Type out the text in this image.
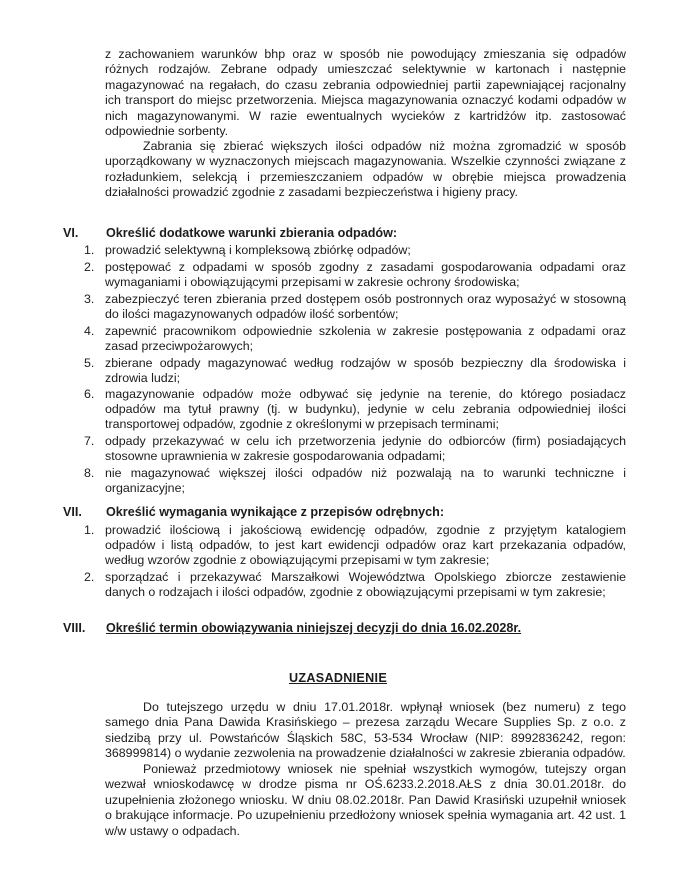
z zachowaniem warunków bhp oraz w sposób nie powodujący zmieszania się odpadów różnych rodzajów. Zebrane odpady umieszczać selektywnie w kartonach i następnie magazynować na regałach, do czasu zebrania odpowiedniej partii zapewniającej racjonalny ich transport do miejsc przetworzenia. Miejsca magazynowania oznaczyć kodami odpadów w nich magazynowanymi. W razie ewentualnych wycieków z kartridżów itp. zastosować odpowiednie sorbenty.

Zabrania się zbierać większych ilości odpadów niż można zgromadzić w sposób uporządkowany w wyznaczonych miejscach magazynowania. Wszelkie czynności związane z rozładunkiem, selekcją i przemieszczaniem odpadów w obrębie miejsca prowadzenia działalności prowadzić zgodnie z zasadami bezpieczeństwa i higieny pracy.

VI. Określić dodatkowe warunki zbierania odpadów:
1. prowadzić selektywną i kompleksową zbiórkę odpadów;
2. postępować z odpadami w sposób zgodny z zasadami gospodarowania odpadami oraz wymaganiami i obowiązującymi przepisami w zakresie ochrony środowiska;
3. zabezpieczyć teren zbierania przed dostępem osób postronnych oraz wyposażyć w stosowną do ilości magazynowanych odpadów ilość sorbentów;
4. zapewnić pracownikom odpowiednie szkolenia w zakresie postępowania z odpadami oraz zasad przeciwpożarowych;
5. zbierane odpady magazynować według rodzajów w sposób bezpieczny dla środowiska i zdrowia ludzi;
6. magazynowanie odpadów może odbywać się jedynie na terenie, do którego posiadacz odpadów ma tytuł prawny (tj. w budynku), jedynie w celu zebrania odpowiedniej ilości transportowej odpadów, zgodnie z określonymi w przepisach terminami;
7. odpady przekazywać w celu ich przetworzenia jedynie do odbiorców (firm) posiadających stosowne uprawnienia w zakresie gospodarowania odpadami;
8. nie magazynować większej ilości odpadów niż pozwalają na to warunki techniczne i organizacyjne;
VII. Określić wymagania wynikające z przepisów odrębnych:
1. prowadzić ilościową i jakościową ewidencję odpadów, zgodnie z przyjętym katalogiem odpadów i listą odpadów, to jest kart ewidencji odpadów oraz kart przekazania odpadów, według wzorów zgodnie z obowiązującymi przepisami w tym zakresie;
2. sporządzać i przekazywać Marszałkowi Województwa Opolskiego zbiorcze zestawienie danych o rodzajach i ilości odpadów, zgodnie z obowiązującymi przepisami w tym zakresie;
VIII. Określić termin obowiązywania niniejszej decyzji do dnia 16.02.2028r.
UZASADNIENIE

Do tutejszego urzędu w dniu 17.01.2018r. wpłynął wniosek (bez numeru) z tego samego dnia Pana Dawida Krasińskiego – prezesa zarządu Wecare Supplies Sp. z o.o. z siedzibą przy ul. Powstańców Śląskich 58C, 53-534 Wrocław (NIP: 8992836242, regon: 368999814) o wydanie zezwolenia na prowadzenie działalności w zakresie zbierania odpadów.

Ponieważ przedmiotowy wniosek nie spełniał wszystkich wymogów, tutejszy organ wezwał wnioskodawcę w drodze pisma nr OŚ.6233.2.2018.AŁS z dnia 30.01.2018r. do uzupełnienia złożonego wniosku. W dniu 08.02.2018r. Pan Dawid Krasiński uzupełnił wniosek o brakujące informacje. Po uzupełnieniu przedłożony wniosek spełnia wymagania art. 42 ust. 1 w/w ustawy o odpadach.
